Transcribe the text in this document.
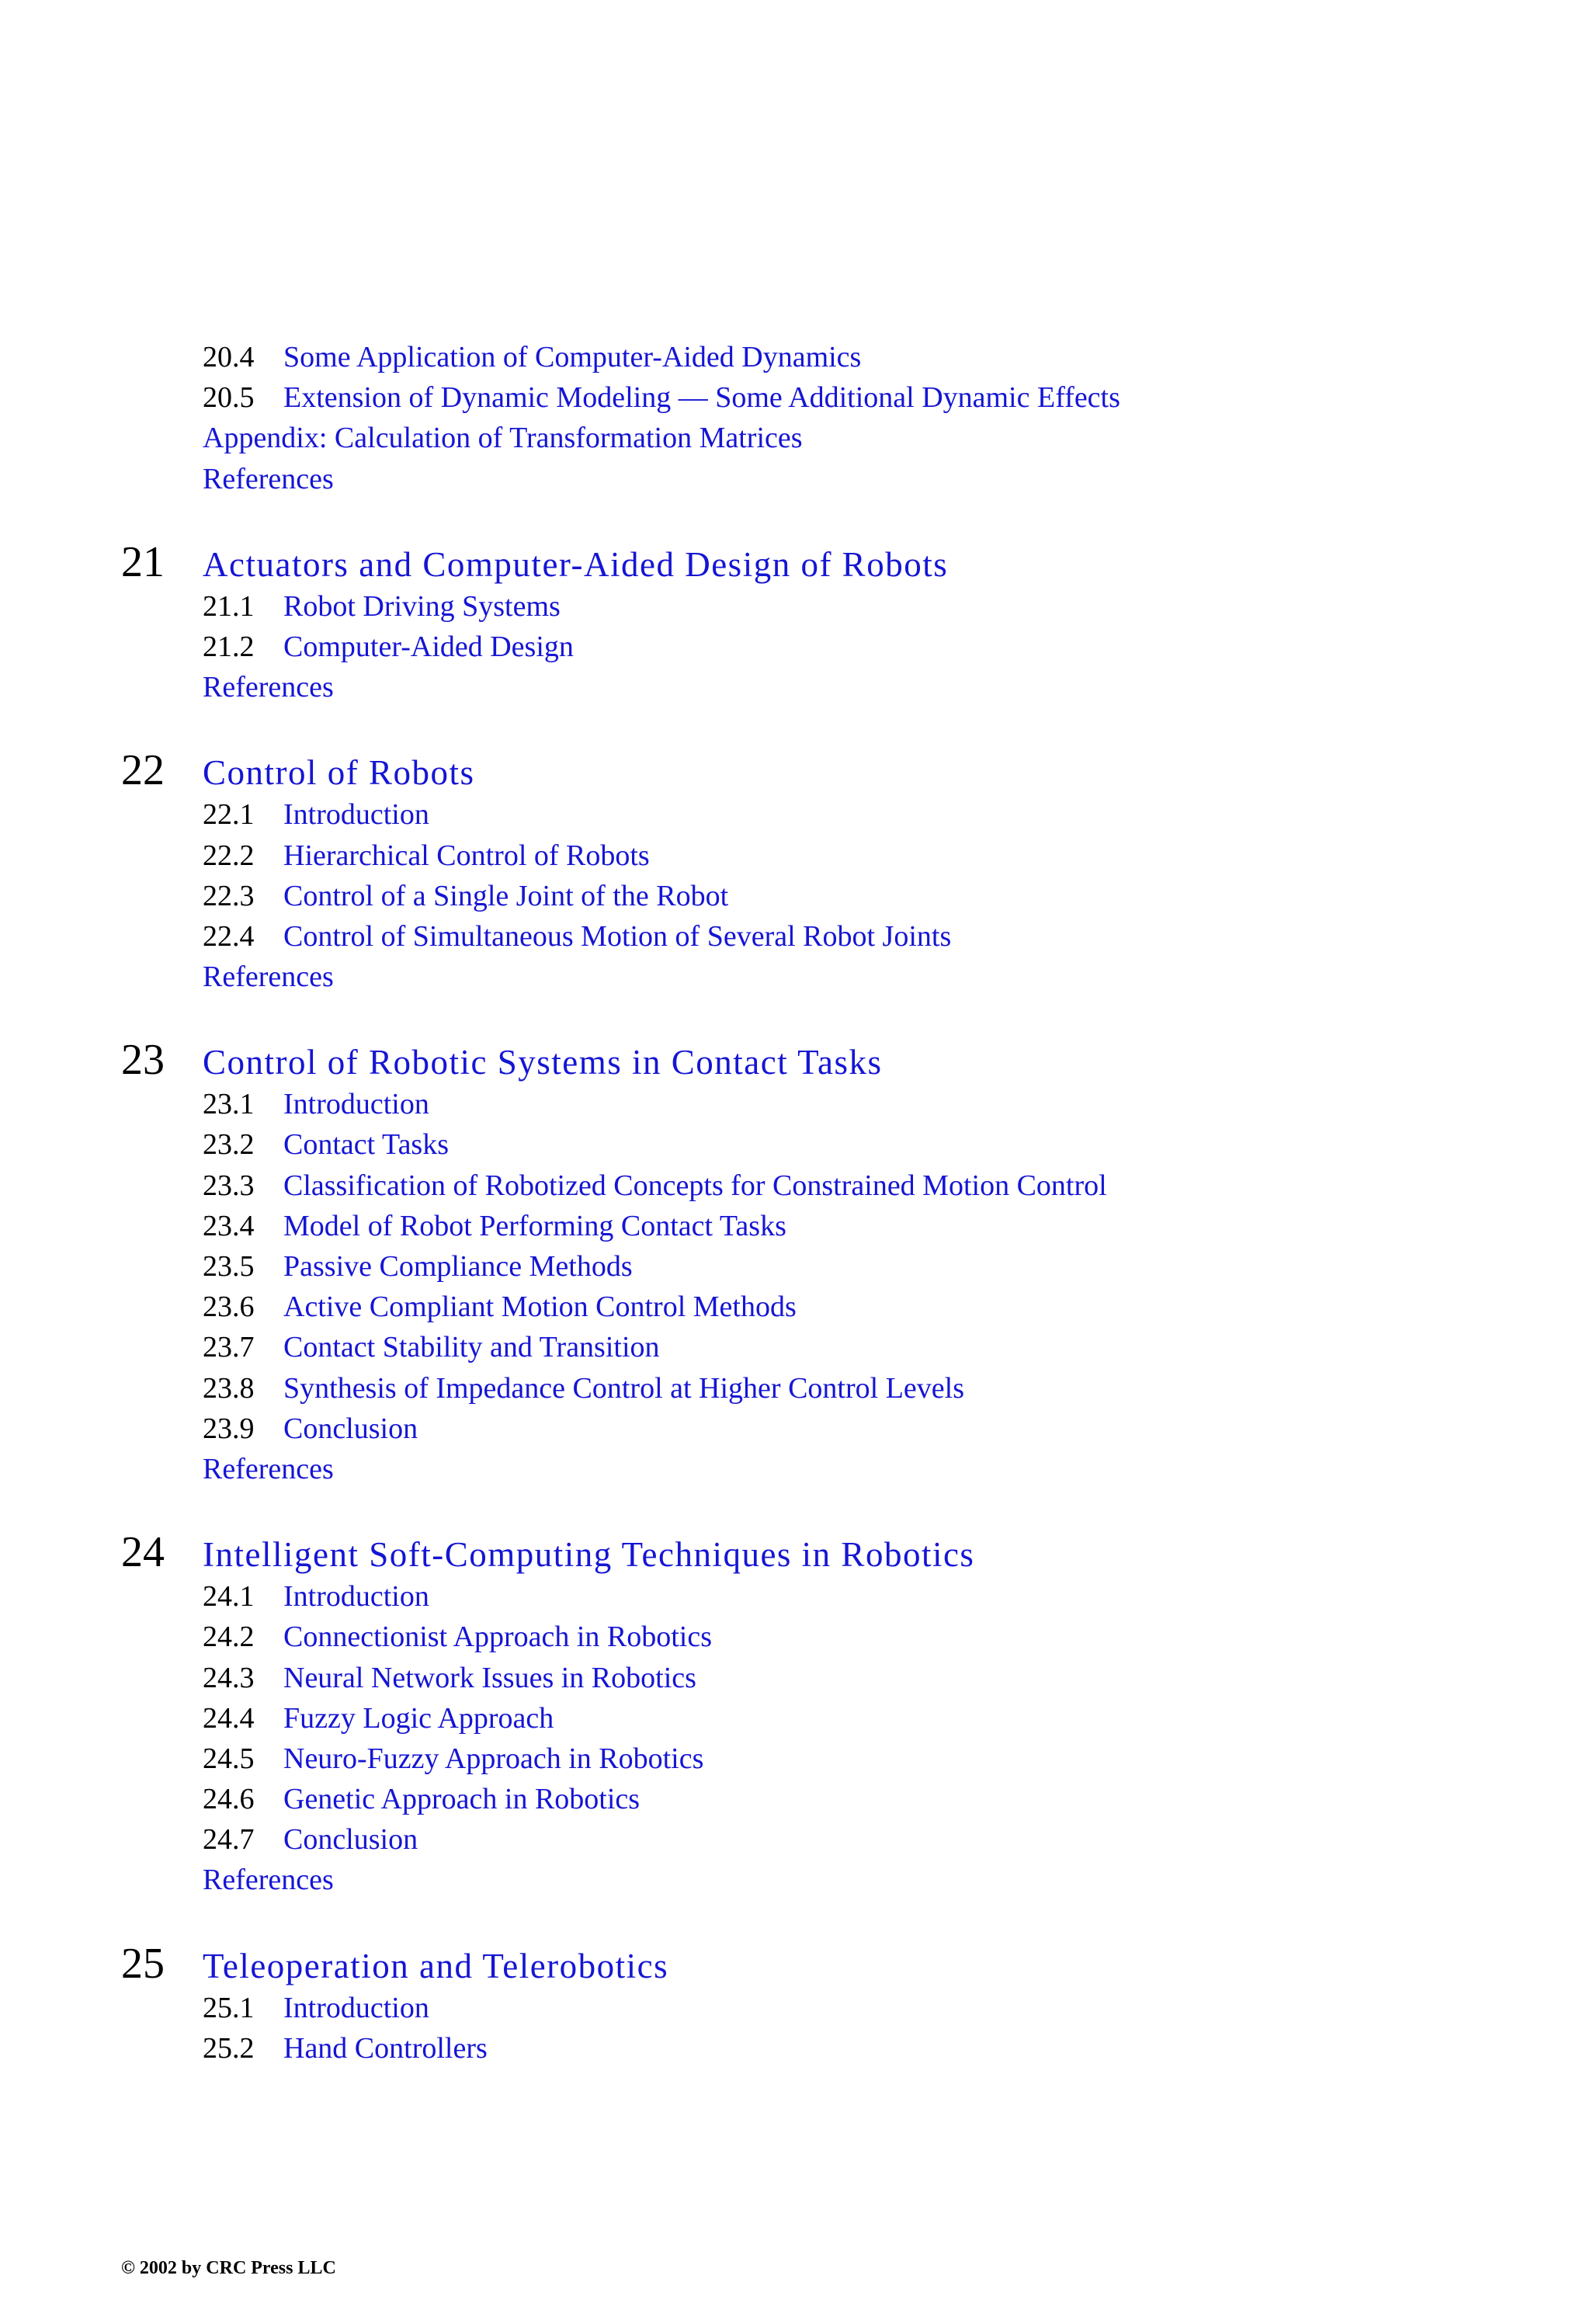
20.4 Some Application of Computer-Aided Dynamics
20.5 Extension of Dynamic Modeling — Some Additional Dynamic Effects
Appendix: Calculation of Transformation Matrices
References
21 Actuators and Computer-Aided Design of Robots
21.1 Robot Driving Systems
21.2 Computer-Aided Design
References
22 Control of Robots
22.1 Introduction
22.2 Hierarchical Control of Robots
22.3 Control of a Single Joint of the Robot
22.4 Control of Simultaneous Motion of Several Robot Joints
References
23 Control of Robotic Systems in Contact Tasks
23.1 Introduction
23.2 Contact Tasks
23.3 Classification of Robotized Concepts for Constrained Motion Control
23.4 Model of Robot Performing Contact Tasks
23.5 Passive Compliance Methods
23.6 Active Compliant Motion Control Methods
23.7 Contact Stability and Transition
23.8 Synthesis of Impedance Control at Higher Control Levels
23.9 Conclusion
References
24 Intelligent Soft-Computing Techniques in Robotics
24.1 Introduction
24.2 Connectionist Approach in Robotics
24.3 Neural Network Issues in Robotics
24.4 Fuzzy Logic Approach
24.5 Neuro-Fuzzy Approach in Robotics
24.6 Genetic Approach in Robotics
24.7 Conclusion
References
25 Teleoperation and Telerobotics
25.1 Introduction
25.2 Hand Controllers
© 2002 by CRC Press LLC
